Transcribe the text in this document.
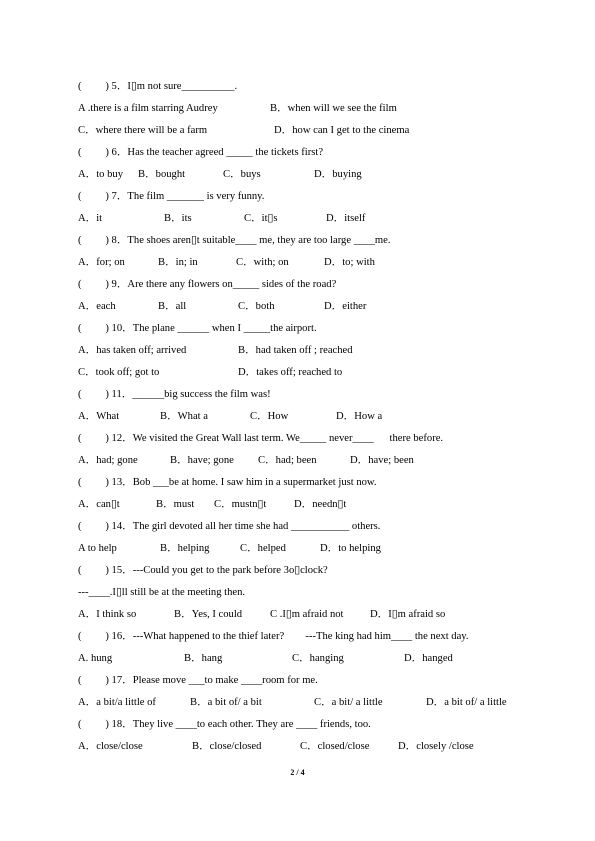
(         ) 5．I▯m not sure__________.

A .there is a film starring Audrey

	B．when will we see the film

C．where there will be a farm

	D．how can I get to the cinema

(         ) 6．Has the teacher agreed _____ the tickets first?

A．to buy

B．bought

	C．buys

	D．buying

(         ) 7．The film _______ is very funny.

A．it

	B．its

	C．it▯s

	D．itself

(         ) 8．The shoes aren▯t suitable____ me, they are too large ____me.

A．for; on

	B．in; in

	C．with; on

	D．to; with

(         ) 9．Are there any flowers on_____ sides of the road?

A．each

	B．all

	C．both

	D．either

(         ) 10．The plane ______ when I _____the airport.

A．has taken off; arrived

	B．had taken off ; reached

C．took off; got to

	D．takes off; reached to

(         ) 11．______big success the film was!

A．What

	B．What a

	C．How

	D．How a

(         ) 12．We visited the Great Wall last term. We_____ never____      there before.

A．had; gone

	B．have; gone

C．had; been

	D．have; been

(         ) 13．Bob ___be at home. I saw him in a supermarket just now.

A．can▯t

	B．must

C．mustn▯t

	D．needn▯t

(         ) 14．The girl devoted all her time she had ___________ others.

A to help

	B．helping

	C．helped

	D．to helping

(         ) 15．---Could you get to the park before 3o▯clock?
---____.I▯ll still be at the meeting then.

A．I think so

	B．Yes, I could

	C .I▯m afraid not

	D．I▯m afraid so

(         ) 16．---What happened to the thief later?        ---The king had him____ the next day.

A. hung

	B．hang

	C．hanging

	D．hanged

(         ) 17．Please move ___to make ____room for me.

A．a bit/a little of

	B．a bit of/ a bit

	C．a bit/ a little

	D．a bit of/ a little

(         ) 18．They live ____to each other. They are ____ friends, too.

A．close/close

	B．close/closed

	C．closed/close

	D．closely /close

2 / 4
